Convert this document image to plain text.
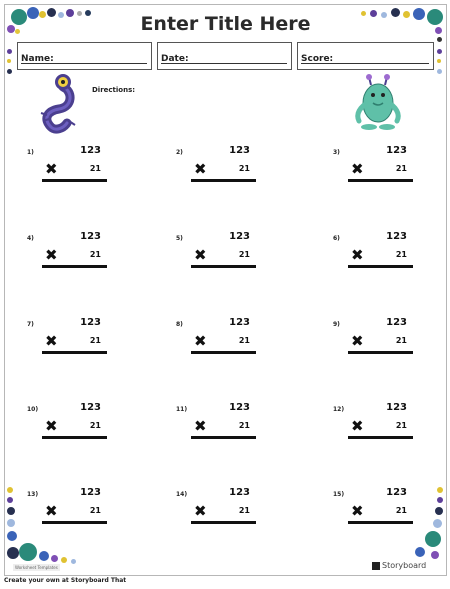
Enter Title Here
Name:	Date:	Score:
Directions:
1)	123
✖	21
2)	123
✖	21
3)	123
✖	21
4)	123
✖	21
5)	123
✖	21
6)	123
✖	21
7)	123
✖	21
8)	123
✖	21
9)	123
✖	21
10)	123
✖	21
11)	123
✖	21
12)	123
✖	21
13)	123
✖	21
14)	123
✖	21
15)	123
✖	21
Worksheet Templates	Storyboard
Create your own at Storyboard That
